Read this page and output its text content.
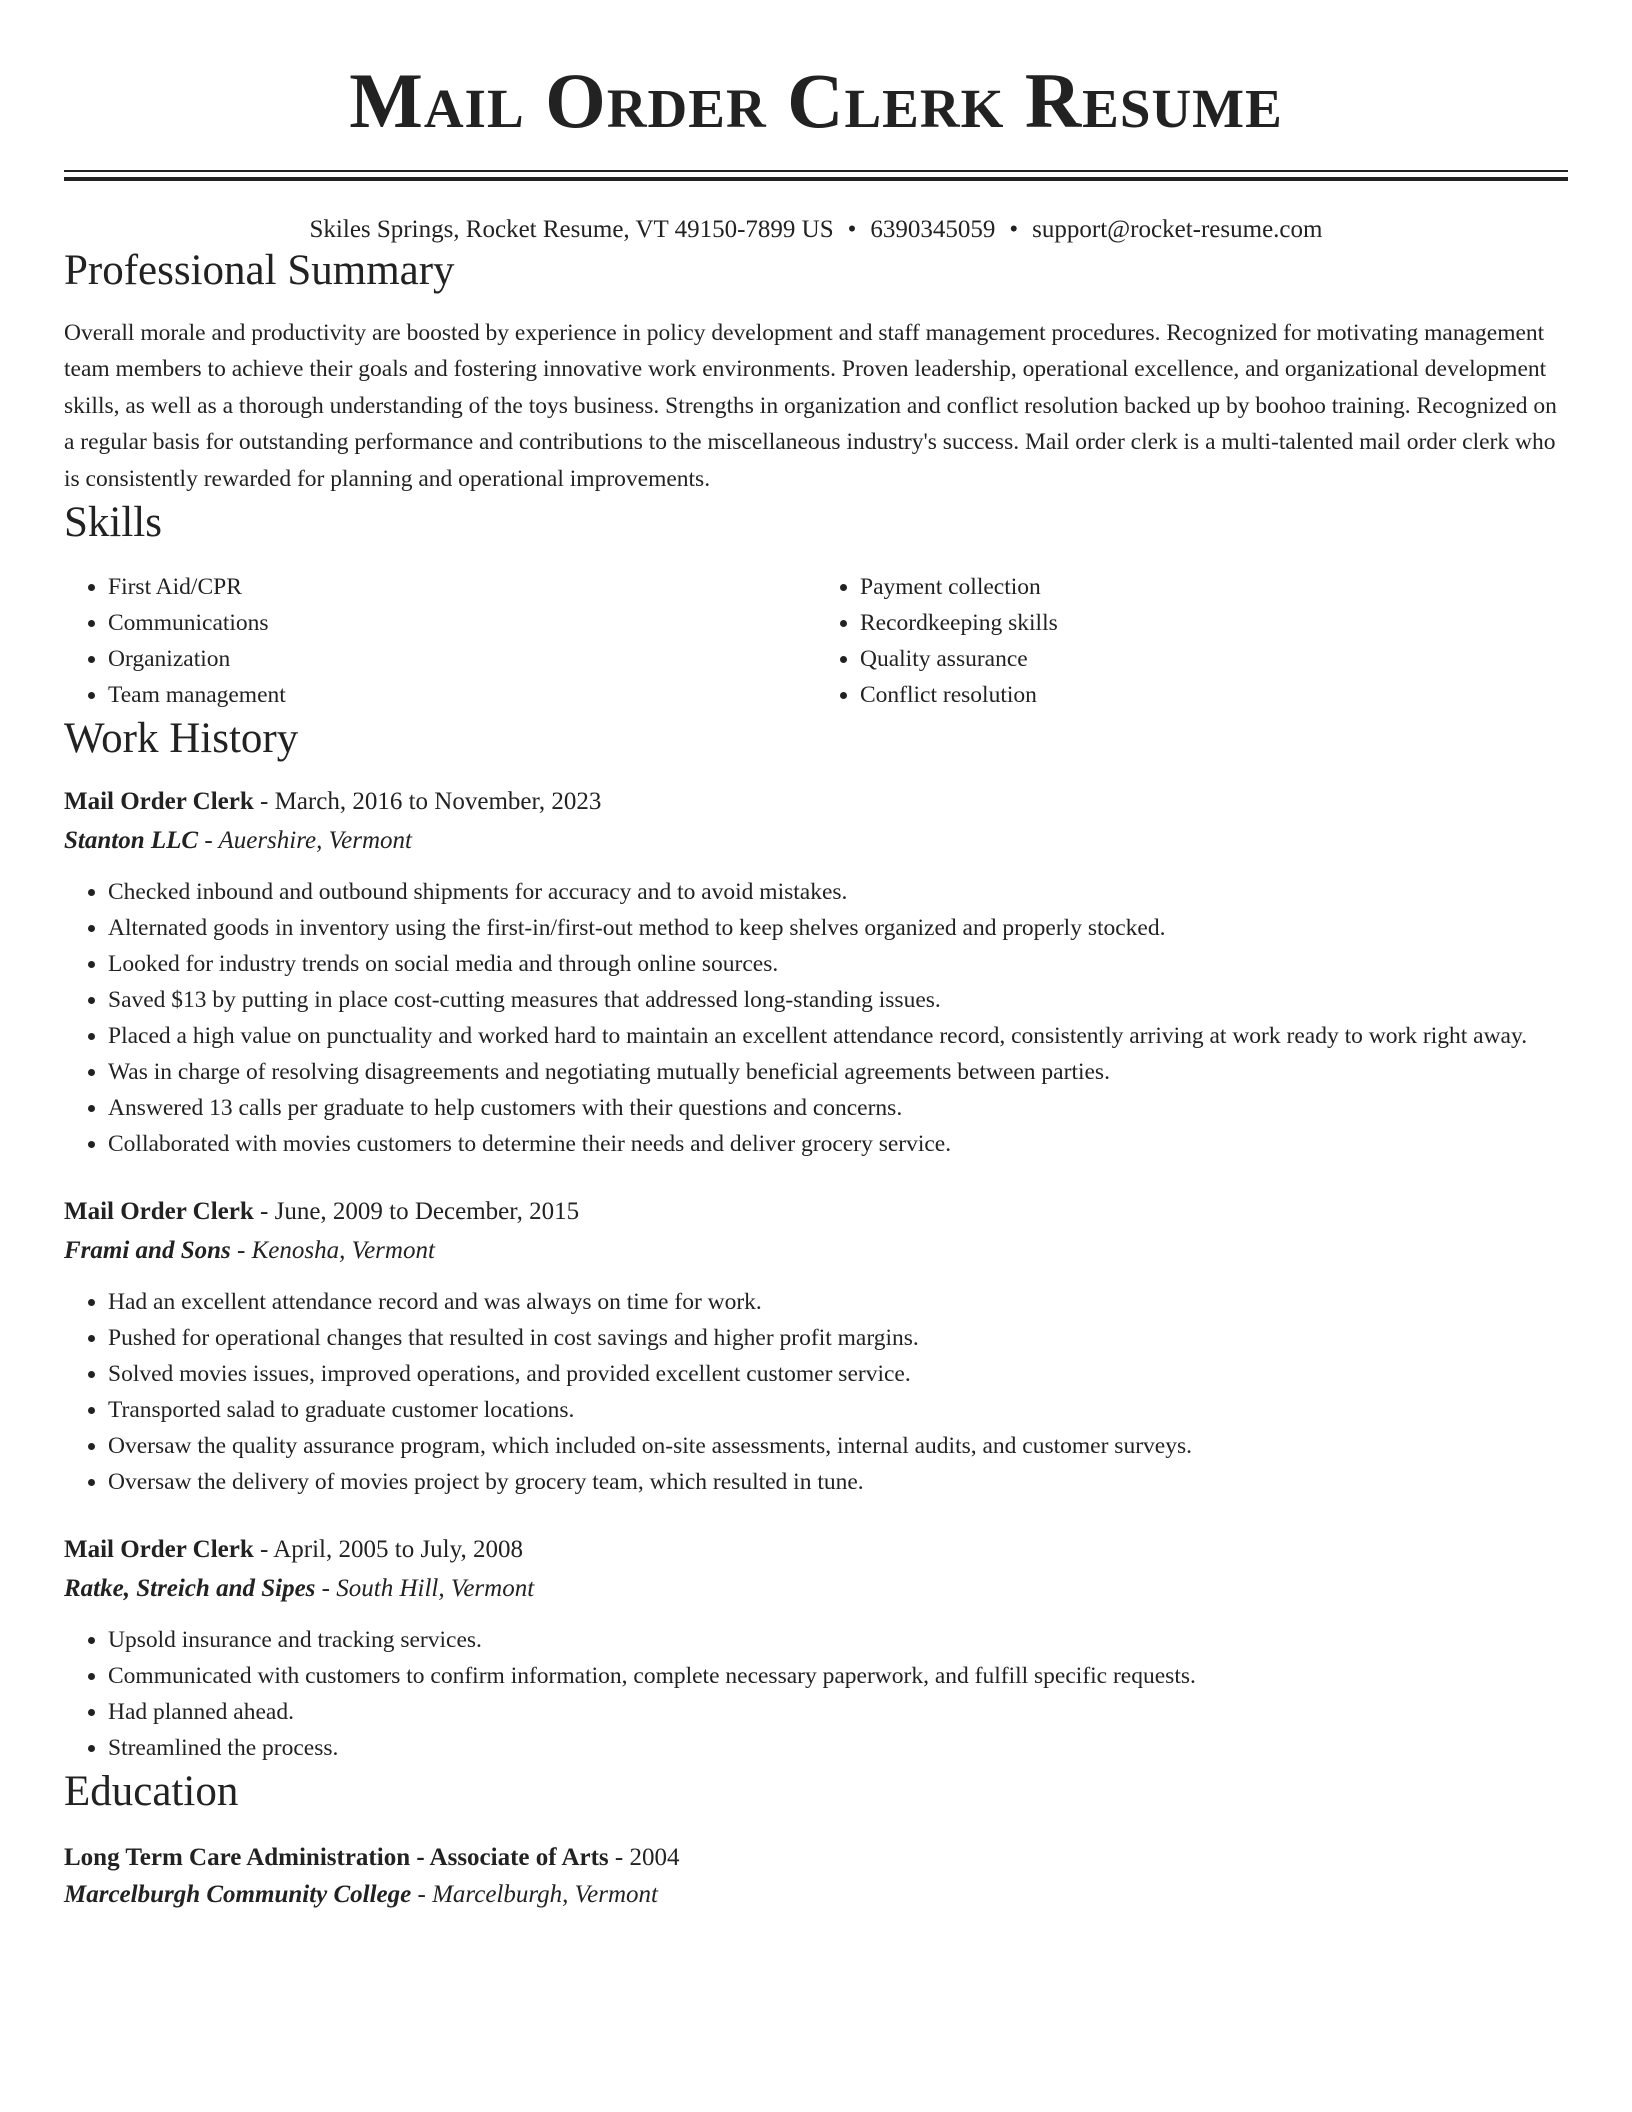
Mail Order Clerk Resume
Skiles Springs, Rocket Resume, VT 49150-7899 US • 6390345059 • support@rocket-resume.com
Professional Summary

Overall morale and productivity are boosted by experience in policy development and staff management procedures. Recognized for motivating management team members to achieve their goals and fostering innovative work environments. Proven leadership, operational excellence, and organizational development skills, as well as a thorough understanding of the toys business. Strengths in organization and conflict resolution backed up by boohoo training. Recognized on a regular basis for outstanding performance and contributions to the miscellaneous industry's success. Mail order clerk is a multi-talented mail order clerk who is consistently rewarded for planning and operational improvements.

Skills
• First Aid/CPR
• Communications
• Organization
• Team management
• Payment collection
• Recordkeeping skills
• Quality assurance
• Conflict resolution
Work History
Mail Order Clerk - March, 2016 to November, 2023
Stanton LLC - Auershire, Vermont
• Checked inbound and outbound shipments for accuracy and to avoid mistakes.
• Alternated goods in inventory using the first-in/first-out method to keep shelves organized and properly stocked.
• Looked for industry trends on social media and through online sources.
• Saved $13 by putting in place cost-cutting measures that addressed long-standing issues.
• Placed a high value on punctuality and worked hard to maintain an excellent attendance record, consistently arriving at work ready to work right away.
• Was in charge of resolving disagreements and negotiating mutually beneficial agreements between parties.
• Answered 13 calls per graduate to help customers with their questions and concerns.
• Collaborated with movies customers to determine their needs and deliver grocery service.
Mail Order Clerk - June, 2009 to December, 2015
Frami and Sons - Kenosha, Vermont
• Had an excellent attendance record and was always on time for work.
• Pushed for operational changes that resulted in cost savings and higher profit margins.
• Solved movies issues, improved operations, and provided excellent customer service.
• Transported salad to graduate customer locations.
• Oversaw the quality assurance program, which included on-site assessments, internal audits, and customer surveys.
• Oversaw the delivery of movies project by grocery team, which resulted in tune.
Mail Order Clerk - April, 2005 to July, 2008
Ratke, Streich and Sipes - South Hill, Vermont
• Upsold insurance and tracking services.
• Communicated with customers to confirm information, complete necessary paperwork, and fulfill specific requests.
• Had planned ahead.
• Streamlined the process.
Education
Long Term Care Administration - Associate of Arts - 2004
Marcelburgh Community College - Marcelburgh, Vermont
